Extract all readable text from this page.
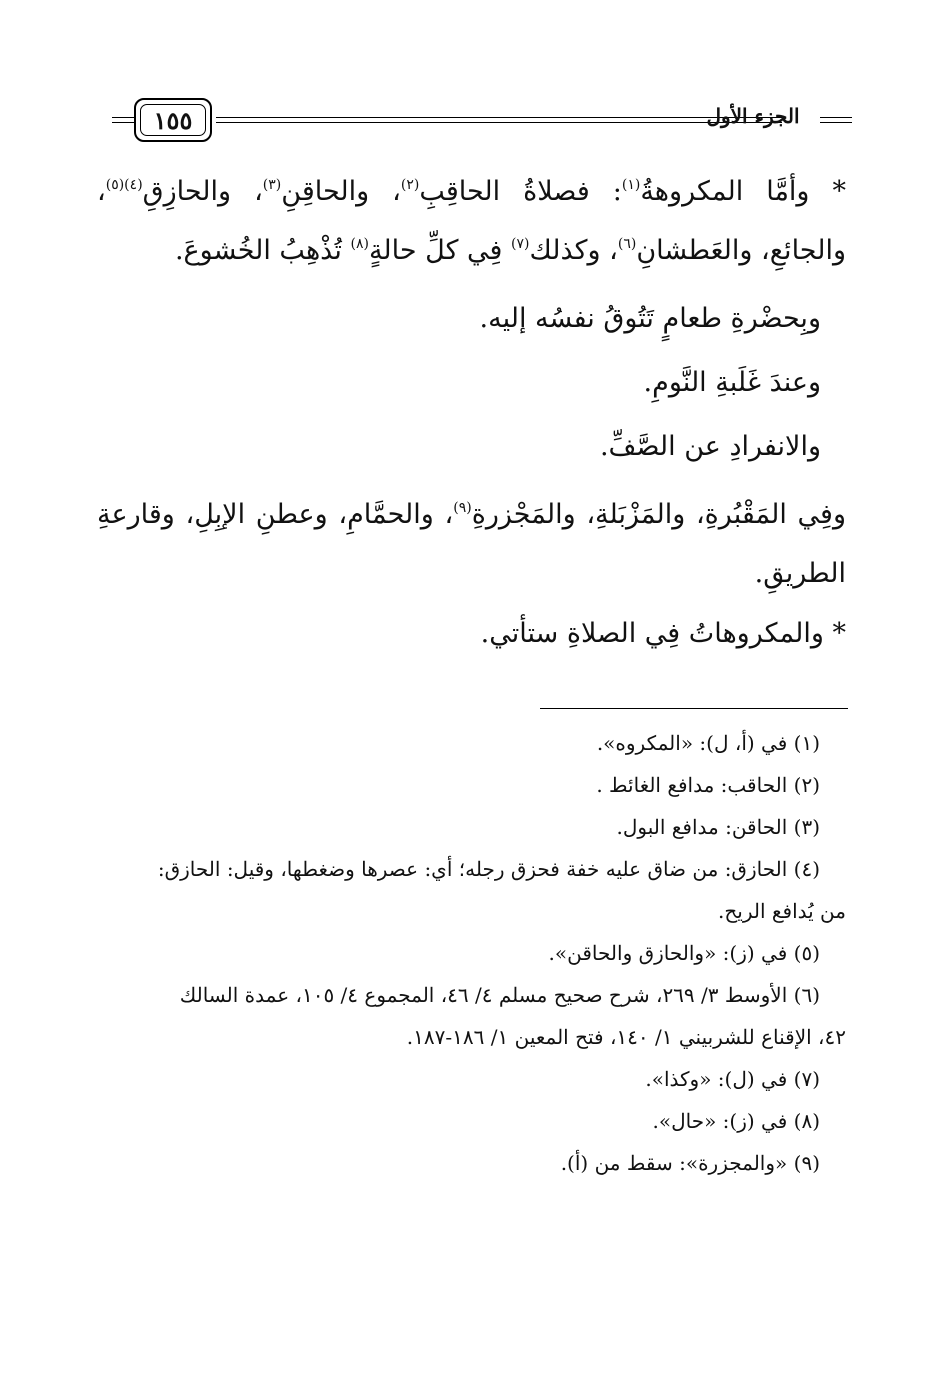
١٥٥	الجزء الأول

* وأمَّا المكروهةُ$^{(١)}$: فصلاةُ الحاقِبِ$^{(٢)}$، والحاقِنِ$^{(٣)}$، والحازِقِ$^{(٤)(٥)}$، والجائعِ، والعَطشانِ$^{(٦)}$، وكذلك$^{(٧)}$ فِي كلِّ حالةٍ$^{(٨)}$ تُذْهِبُ الخُشوعَ.

وبِحضْرةِ طعامٍ تَتُوقُ نفسُه إليه.

وعندَ غَلَبةِ النَّومِ.

والانفرادِ عن الصَّفِّ.

وفِي المَقْبُرةِ، والمَزْبَلةِ، والمَجْزرةِ$^{(٩)}$، والحمَّامِ، وعطنِ الإبِلِ، وقارعةِ الطريقِ.

* والمكروهاتُ فِي الصلاةِ ستأتي.

(١) في (أ، ل): «المكروه».

(٢) الحاقب: مدافع الغائط .

(٣) الحاقن: مدافع البول.

(٤) الحازق: من ضاق عليه خفة فحزق رجله؛ أي: عصرها وضغطها، وقيل: الحازق:
من يُدافع الريح.

(٥) في (ز): «والحازق والحاقن».

(٦) الأوسط ٣/ ٢٦٩، شرح صحيح مسلم ٤/ ٤٦، المجموع ٤/ ١٠٥، عمدة السالك
٤٢، الإقناع للشربيني ١/ ١٤٠، فتح المعين ١/ ١٨٦-١٨٧.

(٧) في (ل): «وكذا».

(٨) في (ز): «حال».

(٩) «والمجزرة»: سقط من (أ).
